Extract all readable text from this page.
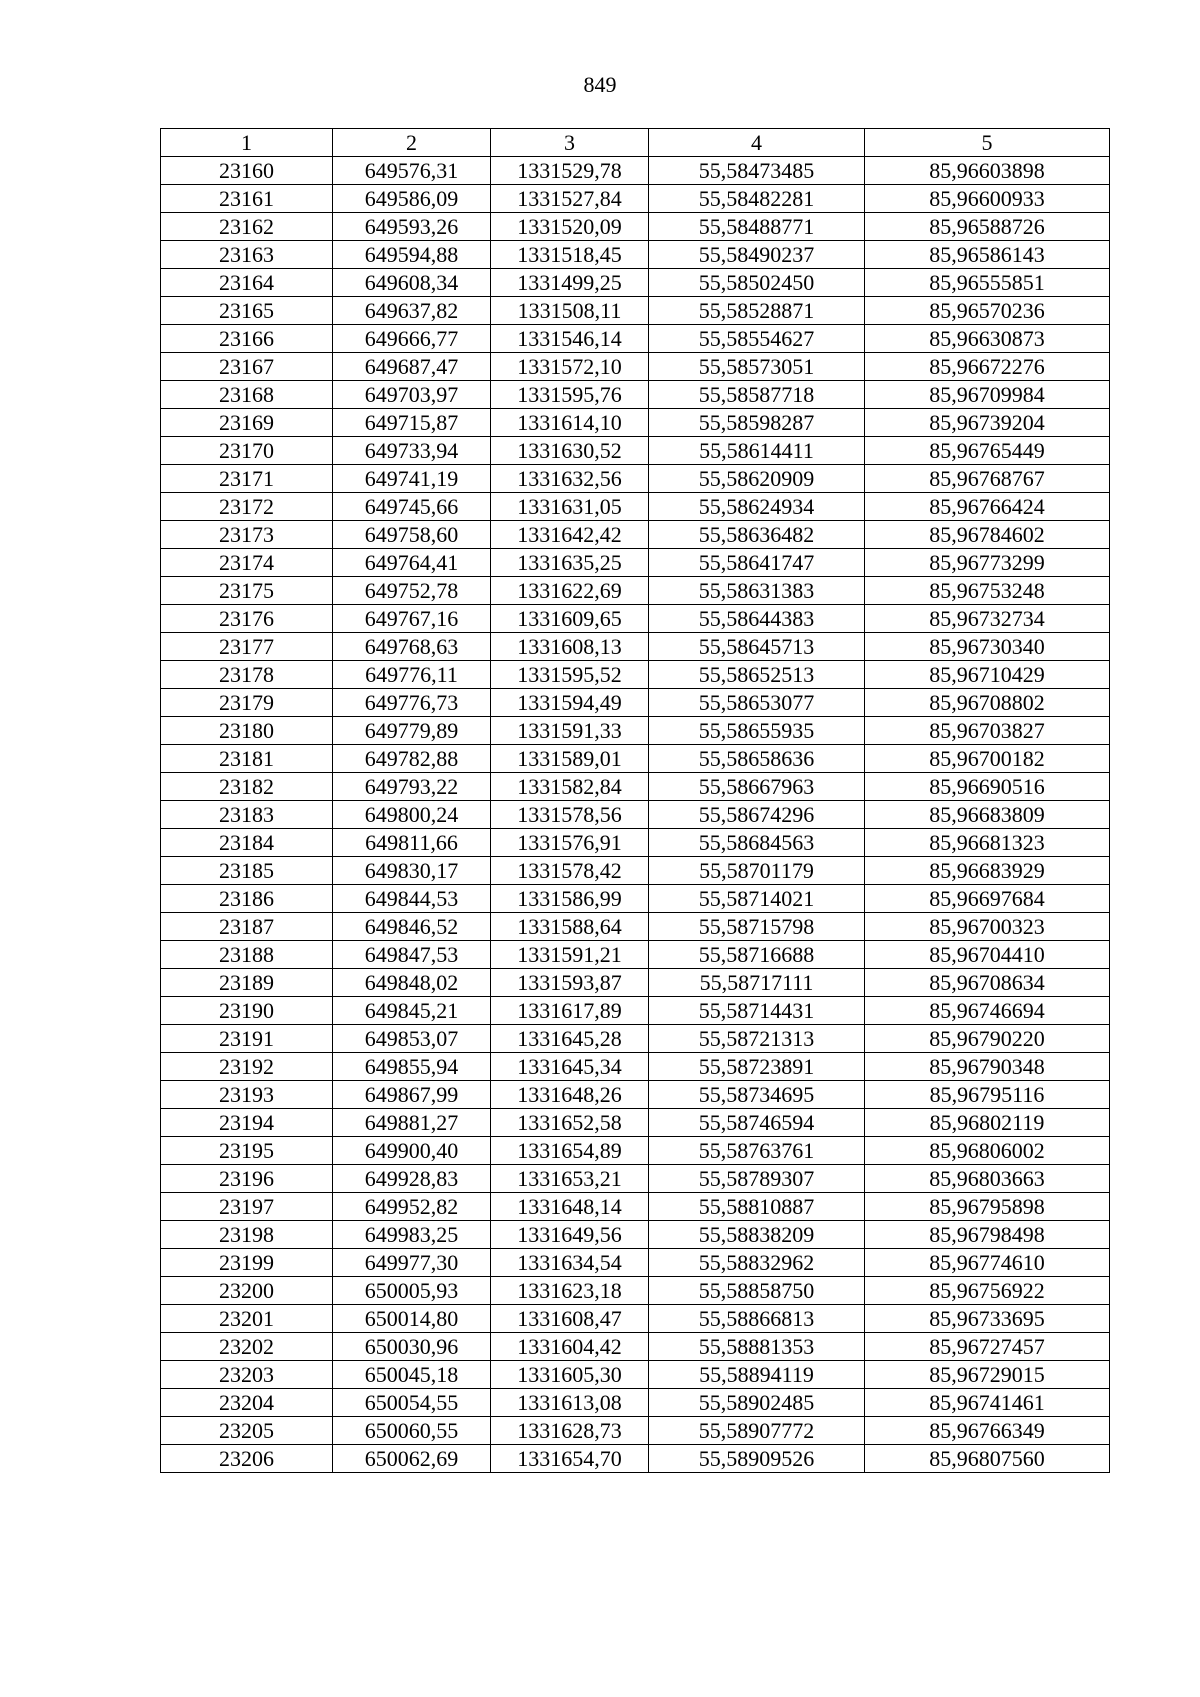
849
1	2	3	4	5
23160	649576,31	1331529,78	55,58473485	85,96603898
23161	649586,09	1331527,84	55,58482281	85,96600933
23162	649593,26	1331520,09	55,58488771	85,96588726
23163	649594,88	1331518,45	55,58490237	85,96586143
23164	649608,34	1331499,25	55,58502450	85,96555851
23165	649637,82	1331508,11	55,58528871	85,96570236
23166	649666,77	1331546,14	55,58554627	85,96630873
23167	649687,47	1331572,10	55,58573051	85,96672276
23168	649703,97	1331595,76	55,58587718	85,96709984
23169	649715,87	1331614,10	55,58598287	85,96739204
23170	649733,94	1331630,52	55,58614411	85,96765449
23171	649741,19	1331632,56	55,58620909	85,96768767
23172	649745,66	1331631,05	55,58624934	85,96766424
23173	649758,60	1331642,42	55,58636482	85,96784602
23174	649764,41	1331635,25	55,58641747	85,96773299
23175	649752,78	1331622,69	55,58631383	85,96753248
23176	649767,16	1331609,65	55,58644383	85,96732734
23177	649768,63	1331608,13	55,58645713	85,96730340
23178	649776,11	1331595,52	55,58652513	85,96710429
23179	649776,73	1331594,49	55,58653077	85,96708802
23180	649779,89	1331591,33	55,58655935	85,96703827
23181	649782,88	1331589,01	55,58658636	85,96700182
23182	649793,22	1331582,84	55,58667963	85,96690516
23183	649800,24	1331578,56	55,58674296	85,96683809
23184	649811,66	1331576,91	55,58684563	85,96681323
23185	649830,17	1331578,42	55,58701179	85,96683929
23186	649844,53	1331586,99	55,58714021	85,96697684
23187	649846,52	1331588,64	55,58715798	85,96700323
23188	649847,53	1331591,21	55,58716688	85,96704410
23189	649848,02	1331593,87	55,58717111	85,96708634
23190	649845,21	1331617,89	55,58714431	85,96746694
23191	649853,07	1331645,28	55,58721313	85,96790220
23192	649855,94	1331645,34	55,58723891	85,96790348
23193	649867,99	1331648,26	55,58734695	85,96795116
23194	649881,27	1331652,58	55,58746594	85,96802119
23195	649900,40	1331654,89	55,58763761	85,96806002
23196	649928,83	1331653,21	55,58789307	85,96803663
23197	649952,82	1331648,14	55,58810887	85,96795898
23198	649983,25	1331649,56	55,58838209	85,96798498
23199	649977,30	1331634,54	55,58832962	85,96774610
23200	650005,93	1331623,18	55,58858750	85,96756922
23201	650014,80	1331608,47	55,58866813	85,96733695
23202	650030,96	1331604,42	55,58881353	85,96727457
23203	650045,18	1331605,30	55,58894119	85,96729015
23204	650054,55	1331613,08	55,58902485	85,96741461
23205	650060,55	1331628,73	55,58907772	85,96766349
23206	650062,69	1331654,70	55,58909526	85,96807560
